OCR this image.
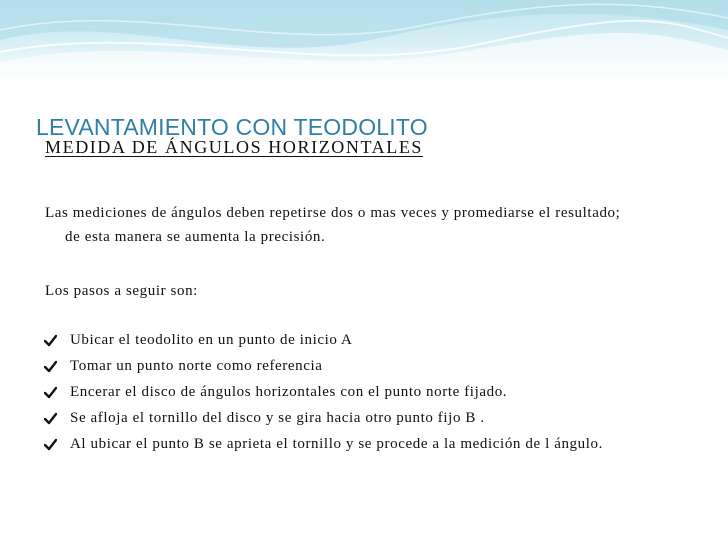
LEVANTAMIENTO CON TEODOLITO
MEDIDA DE ÁNGULOS HORIZONTALES
Las mediciones de ángulos deben repetirse dos o mas veces y promediarse el resultado;
de esta manera se aumenta la precisión.
Los pasos a seguir son:
Ubicar el teodolito en un punto de inicio A
Tomar un punto norte como referencia
Encerar el disco de ángulos horizontales con el punto norte fijado.
Se afloja el tornillo del disco y se gira hacia otro punto fijo B .
Al ubicar el punto B se aprieta el tornillo y se procede a la medición de l ángulo.
